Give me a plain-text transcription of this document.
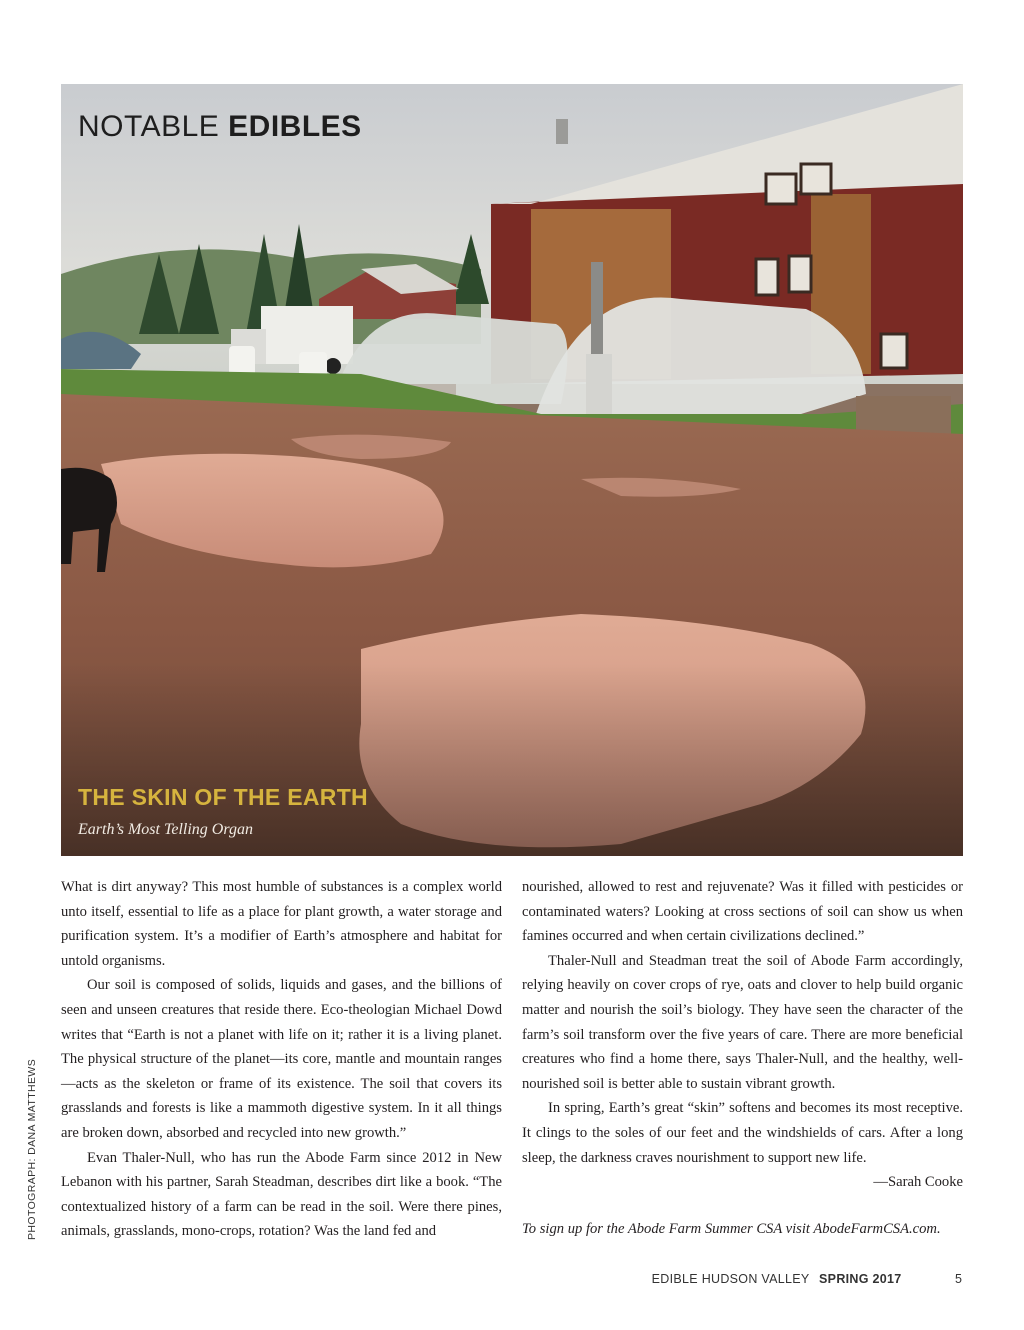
NOTABLE EDIBLES
THE SKIN OF THE EARTH
Earth’s Most Telling Organ
PHOTOGRAPH: DANA MATTHEWS

What is dirt anyway? This most humble of substances is a complex world unto itself, essential to life as a place for plant growth, a water storage and purification system. It’s a modifier of Earth’s atmosphere and habitat for untold organisms.

Our soil is composed of solids, liquids and gases, and the billions of seen and unseen creatures that reside there. Eco-theologian Michael Dowd writes that “Earth is not a planet with life on it; rather it is a living planet. The physical structure of the planet—its core, mantle and mountain ranges—acts as the skeleton or frame of its existence. The soil that covers its grasslands and forests is like a mammoth digestive system. In it all things are broken down, absorbed and recycled into new growth.”

Evan Thaler-Null, who has run the Abode Farm since 2012 in New Lebanon with his partner, Sarah Steadman, describes dirt like a book. “The contextualized history of a farm can be read in the soil. Were there pines, animals, grasslands, mono-crops, rotation? Was the land fed and

nourished, allowed to rest and rejuvenate? Was it filled with pesticides or contaminated waters? Looking at cross sections of soil can show us when famines occurred and when certain civilizations declined.”

Thaler-Null and Steadman treat the soil of Abode Farm accordingly, relying heavily on cover crops of rye, oats and clover to help build organic matter and nourish the soil’s biology. They have seen the character of the farm’s soil transform over the five years of care. There are more beneficial creatures who find a home there, says Thaler-Null, and the healthy, well-nourished soil is better able to sustain vibrant growth.

In spring, Earth’s great “skin” softens and becomes its most receptive. It clings to the soles of our feet and the windshields of cars. After a long sleep, the darkness craves nourishment to support new life.

—Sarah Cooke

To sign up for the Abode Farm Summer CSA visit AbodeFarmCSA.com.

EDIBLE HUDSON VALLEY SPRING 2017	5
